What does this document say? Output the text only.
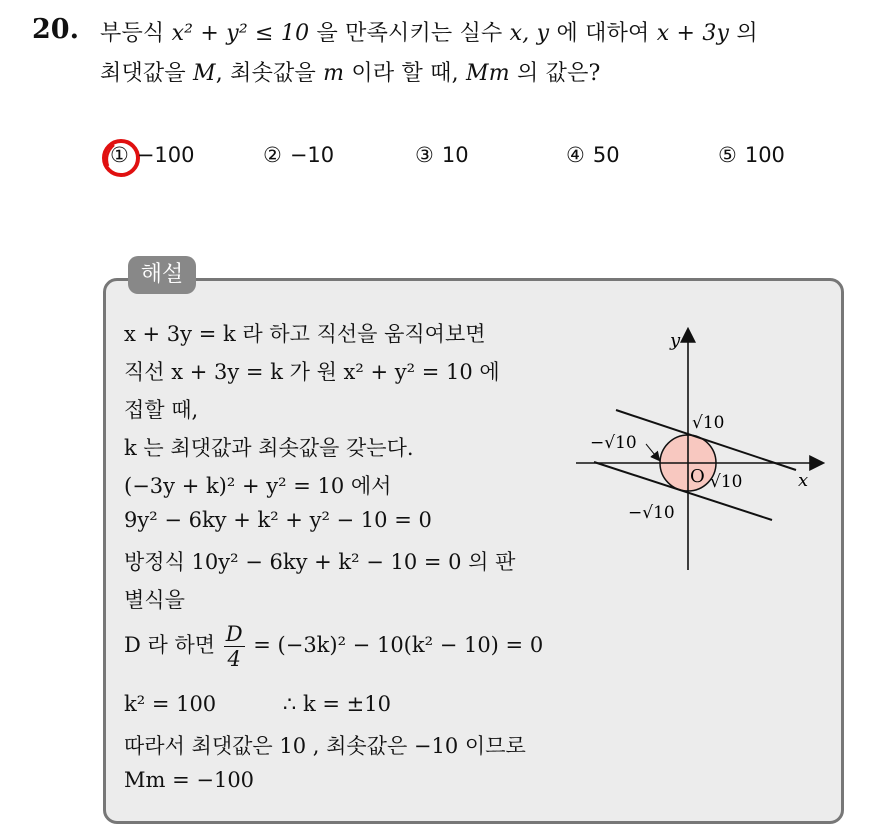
20. 부등식 x² + y² ≤ 10 을 만족시키는 실수 x, y 에 대하여 x + 3y 의
최댓값을 M, 최솟값을 m 이라 할 때, Mm 의 값은?
① −100	② −10	③ 10	④ 50	⑤ 100
해설
x + 3y = k 라 하고 직선을 움직여보면
직선 x + 3y = k 가 원 x² + y² = 10 에
접할 때,
k 는 최댓값과 최솟값을 갖는다.
(−3y + k)² + y² = 10 에서
9y² − 6ky + k² + y² − 10 = 0
방정식 10y² − 6ky + k² − 10 = 0 의 판
별식을
D 라 하면 $\frac{D}{4} = (-3k)^2 - 10(k^2 - 10) = 0$
k² = 100          ∴ k = ±10
따라서 최댓값은 10 , 최솟값은 −10 이므로
Mm = −100
y
x
O
√10
−√10
√10
−√10
